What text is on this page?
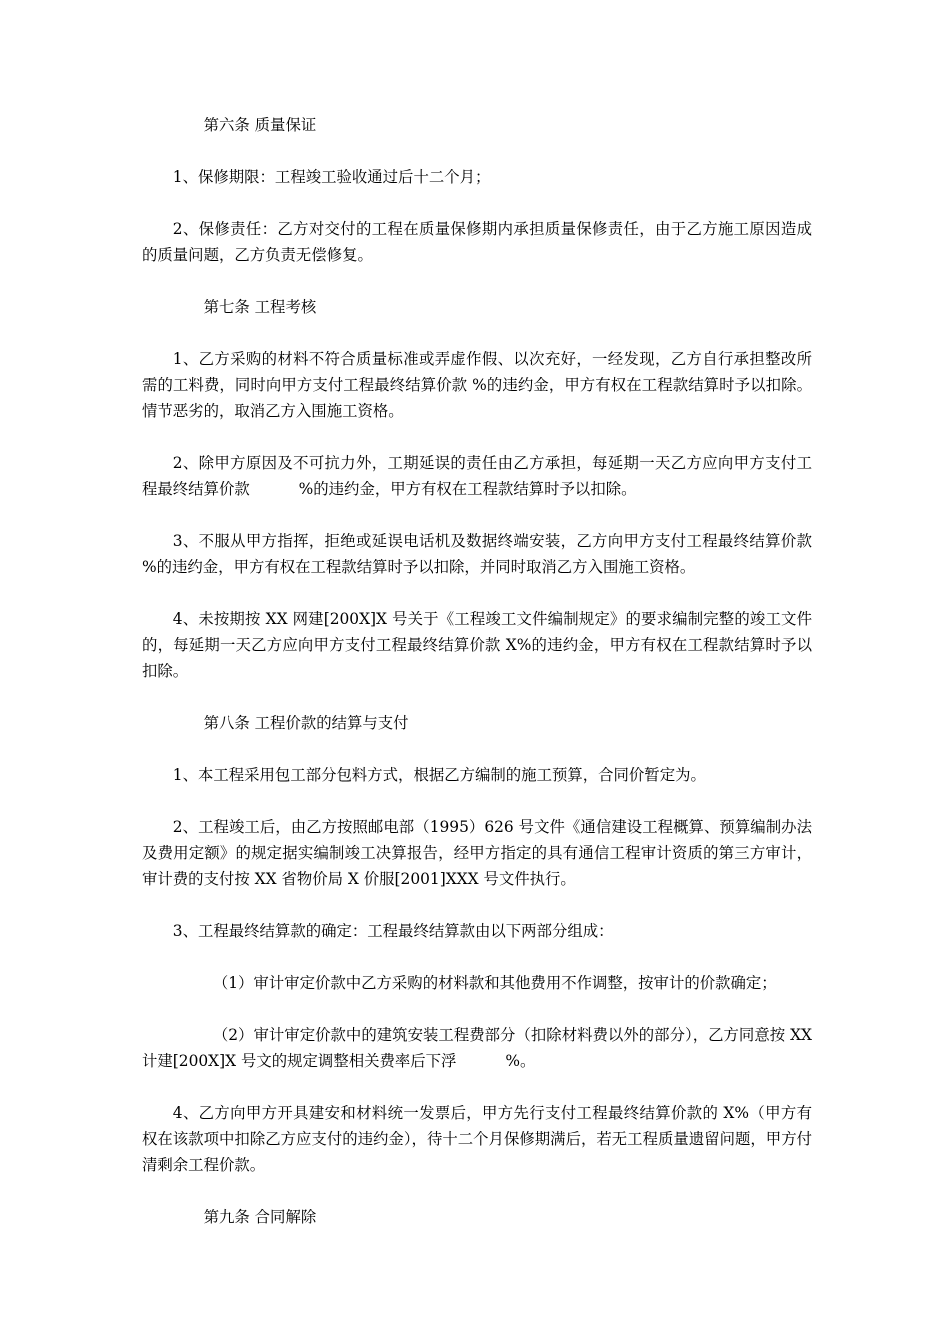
第六条 质量保证

1、保修期限：工程竣工验收通过后十二个月；

2、保修责任：乙方对交付的工程在质量保修期内承担质量保修责任，由于乙方施工原因造成的质量问题，乙方负责无偿修复。

第七条 工程考核

1、乙方采购的材料不符合质量标准或弄虚作假、以次充好，一经发现，乙方自行承担整改所需的工料费，同时向甲方支付工程最终结算价款 %的违约金，甲方有权在工程款结算时予以扣除。情节恶劣的，取消乙方入围施工资格。

2、除甲方原因及不可抗力外，工期延误的责任由乙方承担，每延期一天乙方应向甲方支付工程最终结算价款          %的违约金，甲方有权在工程款结算时予以扣除。

3、不服从甲方指挥，拒绝或延误电话机及数据终端安装，乙方向甲方支付工程最终结算价款 %的违约金，甲方有权在工程款结算时予以扣除，并同时取消乙方入围施工资格。

4、未按期按 XX 网建[200X]X 号关于《工程竣工文件编制规定》的要求编制完整的竣工文件的，每延期一天乙方应向甲方支付工程最终结算价款 X%的违约金，甲方有权在工程款结算时予以扣除。

第八条 工程价款的结算与支付

1、本工程采用包工部分包料方式，根据乙方编制的施工预算，合同价暂定为。

2、工程竣工后，由乙方按照邮电部（1995）626 号文件《通信建设工程概算、预算编制办法及费用定额》的规定据实编制竣工决算报告，经甲方指定的具有通信工程审计资质的第三方审计，审计费的支付按 XX 省物价局 X 价服[2001]XXX 号文件执行。

3、工程最终结算款的确定：工程最终结算款由以下两部分组成：

（1）审计审定价款中乙方采购的材料款和其他费用不作调整，按审计的价款确定；

（2）审计审定价款中的建筑安装工程费部分（扣除材料费以外的部分），乙方同意按 XX 计建[200X]X 号文的规定调整相关费率后下浮          %。

4、乙方向甲方开具建安和材料统一发票后，甲方先行支付工程最终结算价款的 X%（甲方有权在该款项中扣除乙方应支付的违约金），待十二个月保修期满后，若无工程质量遗留问题，甲方付清剩余工程价款。

第九条 合同解除
